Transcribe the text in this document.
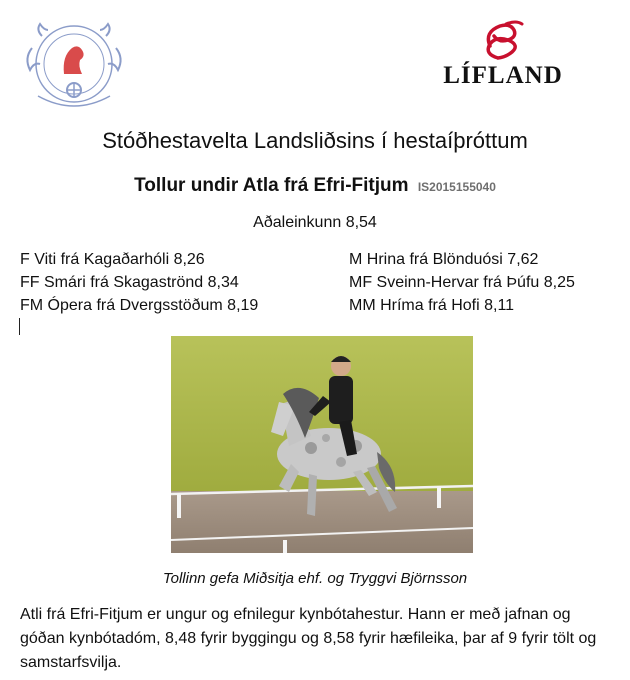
LÍFLAND
Stóðhestavelta Landsliðsins í hestaíþróttum
Tollur undir Atla frá Efri-Fitjum IS2015155040
Aðaleinkunn 8,54
F Viti frá Kagaðarhóli 8,26
FF Smári frá Skagaströnd 8,34
FM Ópera frá Dvergsstöðum 8,19
M Hrina frá Blönduósi 7,62
MF Sveinn-Hervar frá Þúfu 8,25
MM Hríma frá Hofi 8,11
Tollinn gefa Miðsitja ehf. og Tryggvi Björnsson
Atli frá Efri-Fitjum er ungur og efnilegur kynbótahestur. Hann er með jafnan og góðan kynbótadóm, 8,48 fyrir byggingu og 8,58 fyrir hæfileika, þar af 9 fyrir tölt og samstarfsvilja.
